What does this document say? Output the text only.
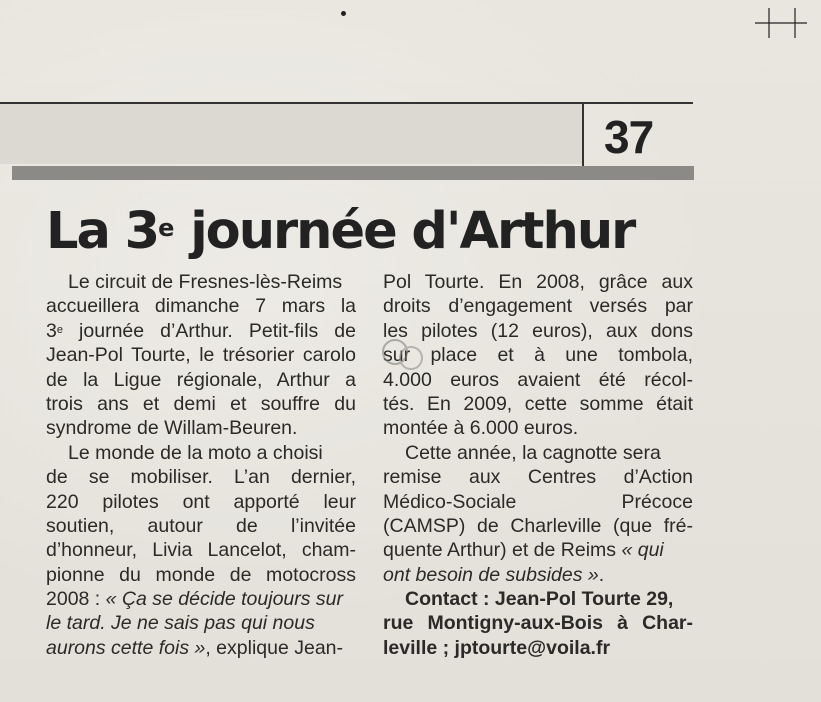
37
La 3e journée d'Arthur
Le circuit de Fresnes-lès-Reims
accueillera dimanche 7 mars la
3e journée d’Arthur. Petit-fils de
Jean-Pol Tourte, le trésorier carolo
de la Ligue régionale, Arthur a
trois ans et demi et souffre du
syndrome de Willam-Beuren.
Le monde de la moto a choisi
de se mobiliser. L’an dernier,
220 pilotes ont apporté leur
soutien, autour de l’invitée
d’honneur, Livia Lancelot, cham-
pionne du monde de motocross
2008 : « Ça se décide toujours sur
le tard. Je ne sais pas qui nous
aurons cette fois », explique Jean-
Pol Tourte. En 2008, grâce aux
droits d’engagement versés par
les pilotes (12 euros), aux dons
sur place et à une tombola,
4.000 euros avaient été récol-
tés. En 2009, cette somme était
montée à 6.000 euros.
Cette année, la cagnotte sera
remise aux Centres d’Action
Médico-Sociale Précoce
(CAMSP) de Charleville (que fré-
quente Arthur) et de Reims « qui
ont besoin de subsides ».
Contact : Jean-Pol Tourte 29,
rue Montigny-aux-Bois à Char-
leville ; jptourte@voila.fr
